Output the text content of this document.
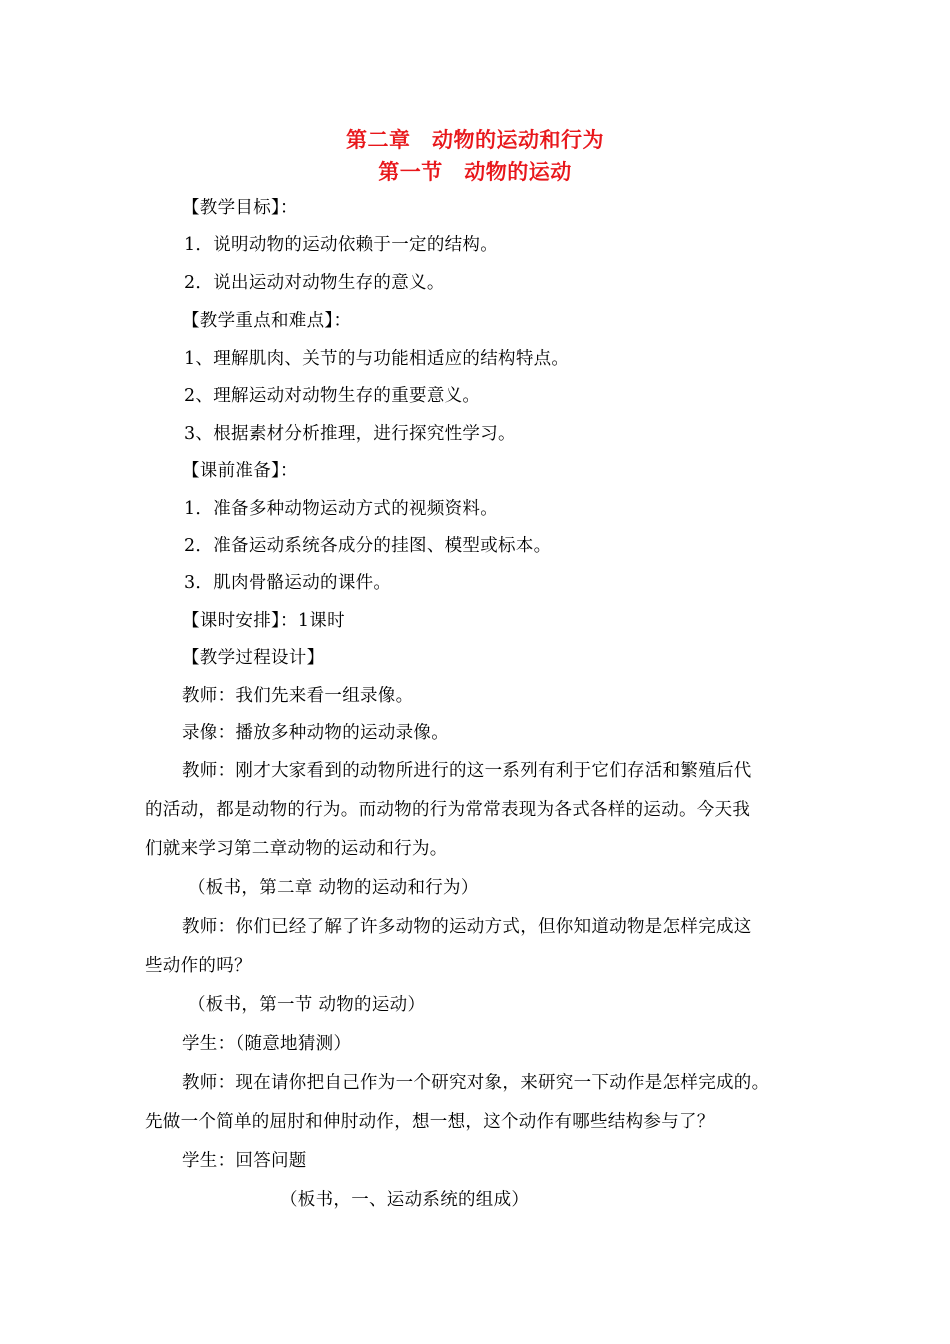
第二章　动物的运动和行为
第一节　动物的运动
【教学目标】：
1．说明动物的运动依赖于一定的结构。
2．说出运动对动物生存的意义。
【教学重点和难点】：
1、理解肌肉、关节的与功能相适应的结构特点。
2、理解运动对动物生存的重要意义。
3、根据素材分析推理，进行探究性学习。
【课前准备】：
1．准备多种动物运动方式的视频资料。
2．准备运动系统各成分的挂图、模型或标本。
3．肌肉骨骼运动的课件。
【课时安排】：1课时
【教学过程设计】
教师：我们先来看一组录像。
录像：播放多种动物的运动录像。
教师：刚才大家看到的动物所进行的这一系列有利于它们存活和繁殖后代
的活动，都是动物的行为。而动物的行为常常表现为各式各样的运动。今天我
们就来学习第二章动物的运动和行为。
（板书，第二章 动物的运动和行为）
教师：你们已经了解了许多动物的运动方式，但你知道动物是怎样完成这
些动作的吗？
（板书，第一节 动物的运动）
学生：（随意地猜测）
教师：现在请你把自己作为一个研究对象，来研究一下动作是怎样完成的。
先做一个简单的屈肘和伸肘动作，想一想，这个动作有哪些结构参与了？
学生：回答问题
（板书，一、运动系统的组成）
